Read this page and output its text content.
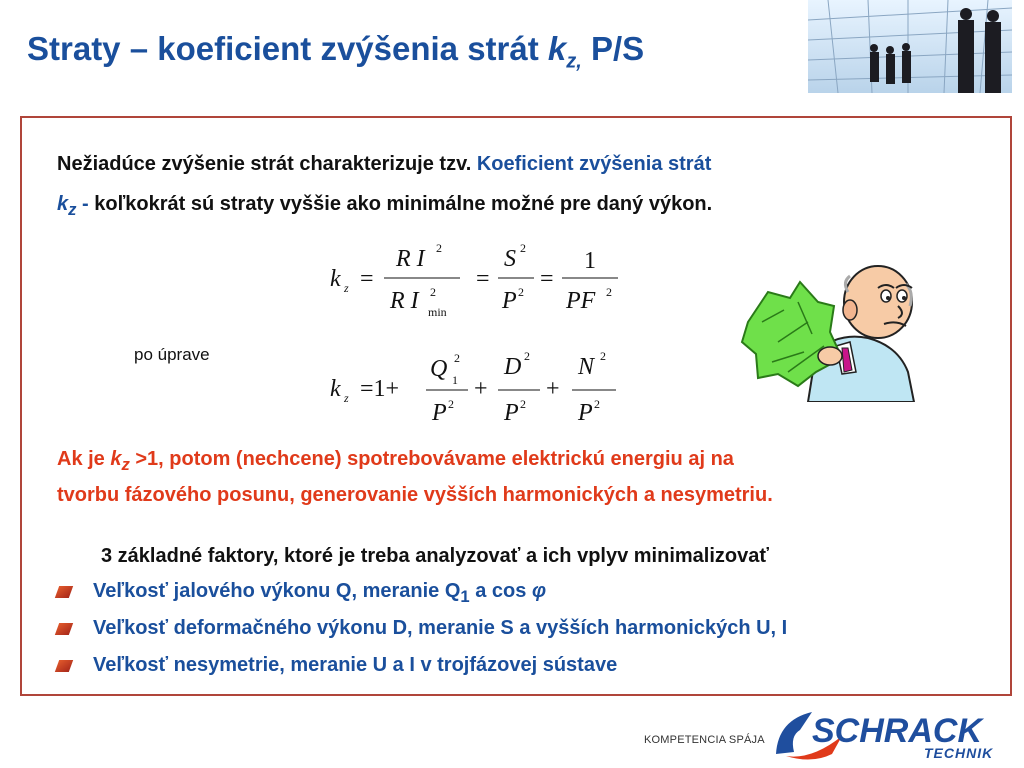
Straty – koeficient zvýšenia strát $k_{z,}$ P/S
Nežiadúce zvýšenie strát charakterizuje tzv. Koeficient zvýšenia strát
$k_z$ - koľkokrát sú straty vyššie ako minimálne možné pre daný výkon.
k z =
R I 2
R I 2
min
=
S 2
P 2 =
1
PF 2
po úprave
k z =1+
Q 2
1
P 2
+
D 2
P 2
+
N 2
P 2
Ak je $k_z >1$, potom (nechcene) spotrebovávame elektrickú energiu aj na
tvorbu fázového posunu, generovanie vyšších harmonických a nesymetriu.
3 základné faktory, ktoré je treba analyzovať a ich vplyv minimalizovať
Veľkosť jalového výkonu Q, meranie $Q_1$ a cos φ
Veľkosť deformačného výkonu D, meranie S a vyšších harmonických U, I
Veľkosť nesymetrie, meranie U a I v trojfázovej sústave
KOMPETENCIA SPÁJA SCHRACK
TECHNIK
